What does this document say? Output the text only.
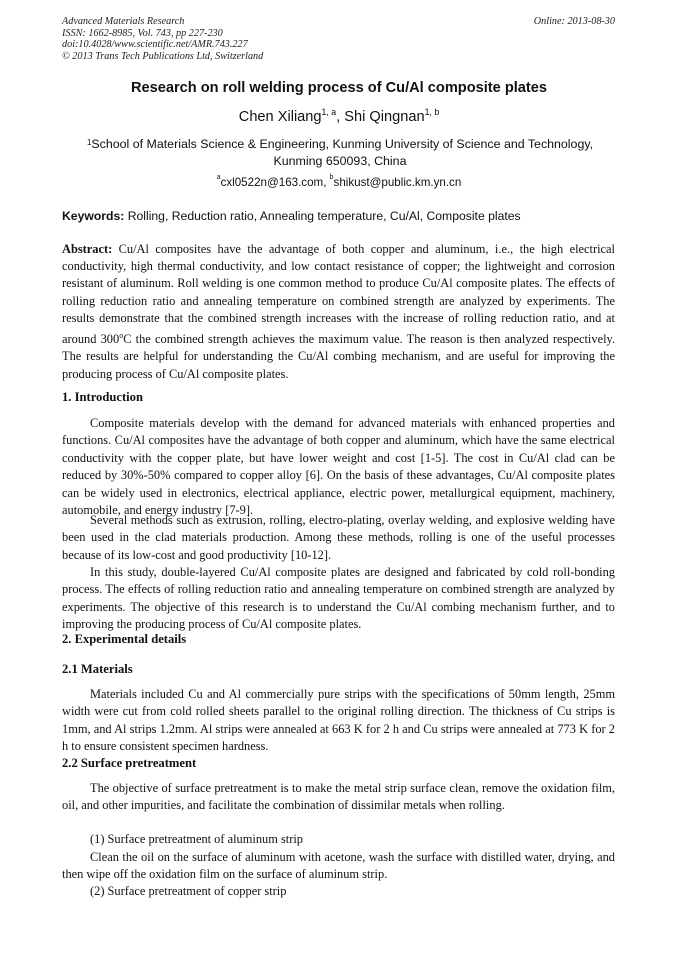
Advanced Materials Research
ISSN: 1662-8985, Vol. 743, pp 227-230
doi:10.4028/www.scientific.net/AMR.743.227
© 2013 Trans Tech Publications Ltd, Switzerland
Online: 2013-08-30
Research on roll welding process of Cu/Al composite plates
Chen Xiliang$^{1, a}$, Shi Qingnan$^{1, b}$
$^1$School of Materials Science & Engineering, Kunming University of Science and Technology, Kunming 650093, China
$^a$cxl0522n@163.com, $^b$shikust@public.km.yn.cn
Keywords: Rolling, Reduction ratio, Annealing temperature, Cu/Al, Composite plates
Abstract: Cu/Al composites have the advantage of both copper and aluminum, i.e., the high electrical conductivity, high thermal conductivity, and low contact resistance of copper; the lightweight and corrosion resistant of aluminum. Roll welding is one common method to produce Cu/Al composite plates. The effects of rolling reduction ratio and annealing temperature on combined strength are analyzed by experiments. The results demonstrate that the combined strength increases with the increase of rolling reduction ratio, and at around 300$^o$C the combined strength achieves the maximum value. The reason is then analyzed respectively. The results are helpful for understanding the Cu/Al combing mechanism, and are useful for improving the producing process of Cu/Al composite plates.
1. Introduction
Composite materials develop with the demand for advanced materials with enhanced properties and functions. Cu/Al composites have the advantage of both copper and aluminum, which have the same electrical conductivity with the copper plate, but have lower weight and cost [1-5]. The cost in Cu/Al clad can be reduced by 30%-50% compared to copper alloy [6]. On the basis of these advantages, Cu/Al composite plates can be widely used in electronics, electrical appliance, electric power, metallurgical equipment, machinery, automobile, and energy industry [7-9].
Several methods such as extrusion, rolling, electro-plating, overlay welding, and explosive welding have been used in the clad materials production. Among these methods, rolling is one of the useful processes because of its low-cost and good productivity [10-12].
In this study, double-layered Cu/Al composite plates are designed and fabricated by cold roll-bonding process. The effects of rolling reduction ratio and annealing temperature on combined strength are analyzed by experiments. The objective of this research is to understand the Cu/Al combing mechanism further, and to improving the producing process of Cu/Al composite plates.
2. Experimental details
2.1 Materials
Materials included Cu and Al commercially pure strips with the specifications of 50mm length, 25mm width were cut from cold rolled sheets parallel to the original rolling direction. The thickness of Cu strips is 1mm, and Al strips 1.2mm. Al strips were annealed at 663 K for 2 h and Cu strips were annealed at 773 K for 2 h to ensure consistent specimen hardness.
2.2 Surface pretreatment
The objective of surface pretreatment is to make the metal strip surface clean, remove the oxidation film, oil, and other impurities, and facilitate the combination of dissimilar metals when rolling.
(1) Surface pretreatment of aluminum strip
Clean the oil on the surface of aluminum with acetone, wash the surface with distilled water, drying, and then wipe off the oxidation film on the surface of aluminum strip.
(2) Surface pretreatment of copper strip
